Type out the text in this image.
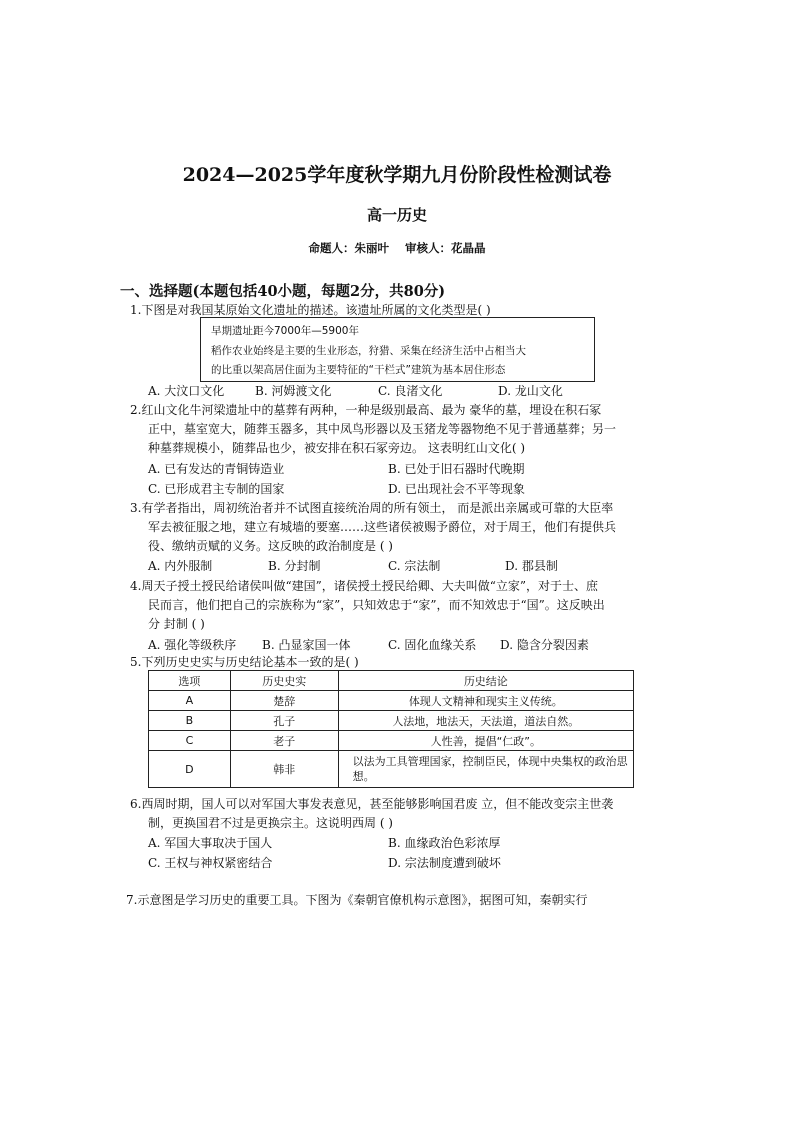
2024—2025学年度秋学期九月份阶段性检测试卷
高一历史
命题人：朱丽叶 审核人：花晶晶
一、选择题(本题包括40小题，每题2分，共80分)
1.下图是对我国某原始文化遗址的描述。该遗址所属的文化类型是( )
早期遗址距今7000年—5900年
稻作农业始终是主要的生业形态，狩猎、采集在经济生活中占相当大
的比重以架高居住面为主要特征的“干栏式”建筑为基本居住形态
A. 大汶口文化	B. 河姆渡文化	C. 良渚文化	D. 龙山文化
2.红山文化牛河梁遗址中的墓葬有两种，一种是级别最高、最为 豪华的墓，埋设在积石冢
正中，墓室宽大，随葬玉器多，其中凤鸟形器以及玉猪龙等器物绝不见于普通墓葬；另一
种墓葬规模小，随葬品也少，被安排在积石冢旁边。 这表明红山文化( )
A. 已有发达的青铜铸造业	B. 已处于旧石器时代晚期
C. 已形成君主专制的国家	D. 已出现社会不平等现象
3.有学者指出，周初统治者并不试图直接统治周的所有领土， 而是派出亲属或可靠的大臣率
军去被征服之地，建立有城墙的要塞……这些诸侯被赐予爵位，对于周王，他们有提供兵
役、缴纳贡赋的义务。这反映的政治制度是 ( )
A. 内外服制	B. 分封制	C. 宗法制	D. 郡县制
4.周天子授土授民给诸侯叫做“建国”，诸侯授土授民给卿、大夫叫做“立家”，对于士、庶
民而言，他们把自己的宗族称为“家”，只知效忠于“家”，而不知效忠于“国”。这反映出
分 封制 ( )
A. 强化等级秩序 B. 凸显家国一体	C. 固化血缘关系 D. 隐含分裂因素
5.下列历史史实与历史结论基本一致的是( )
选项	历史史实	历史结论
A	楚辞	体现人文精神和现实主义传统。
B	孔子	人法地，地法天，天法道，道法自然。
C	老子	人性善，提倡“仁政”。
D	韩非	以法为工具管理国家，控制臣民，体现中央集权的政治思想。
6.西周时期，国人可以对军国大事发表意见，甚至能够影响国君废 立，但不能改变宗主世袭
制，更换国君不过是更换宗主。这说明西周 ( )
A. 军国大事取决于国人	B. 血缘政治色彩浓厚
C. 王权与神权紧密结合	D. 宗法制度遭到破坏
7.示意图是学习历史的重要工具。下图为《秦朝官僚机构示意图》，据图可知，秦朝实行
